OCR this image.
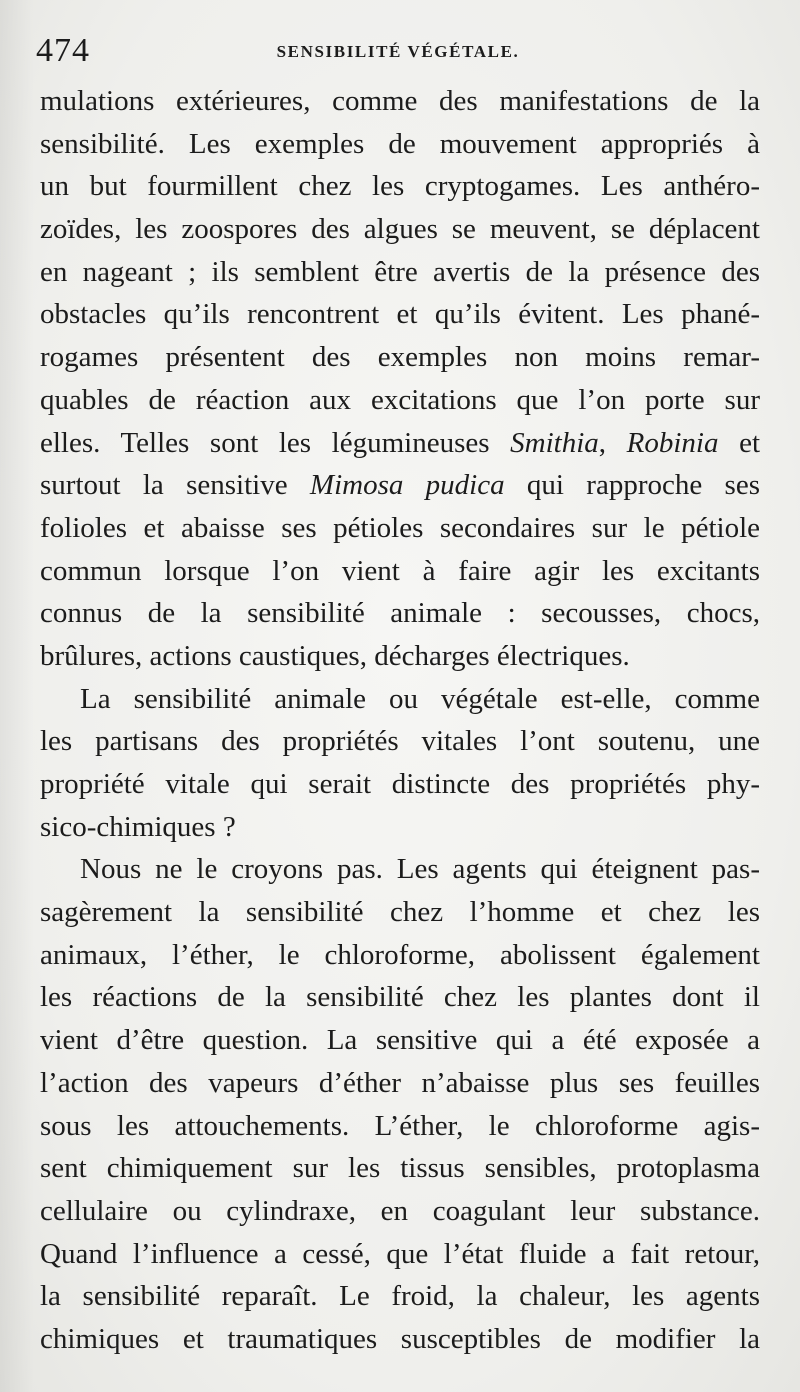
474	SENSIBILITÉ VÉGÉTALE.
mulations extérieures, comme des manifestations de la
sensibilité. Les exemples de mouvement appropriés à
un but fourmillent chez les cryptogames. Les anthéro-
zoïdes, les zoospores des algues se meuvent, se déplacent
en nageant ; ils semblent être avertis de la présence des
obstacles qu’ils rencontrent et qu’ils évitent. Les phané-
rogames présentent des exemples non moins remar-
quables de réaction aux excitations que l’on porte sur
elles. Telles sont les légumineuses Smithia, Robinia et
surtout la sensitive Mimosa pudica qui rapproche ses
folioles et abaisse ses pétioles secondaires sur le pétiole
commun lorsque l’on vient à faire agir les excitants
connus de la sensibilité animale : secousses, chocs,
brûlures, actions caustiques, décharges électriques.
La sensibilité animale ou végétale est-elle, comme
les partisans des propriétés vitales l’ont soutenu, une
propriété vitale qui serait distincte des propriétés phy-
sico-chimiques ?
Nous ne le croyons pas. Les agents qui éteignent pas-
sagèrement la sensibilité chez l’homme et chez les
animaux, l’éther, le chloroforme, abolissent également
les réactions de la sensibilité chez les plantes dont il
vient d’être question. La sensitive qui a été exposée a
l’action des vapeurs d’éther n’abaisse plus ses feuilles
sous les attouchements. L’éther, le chloroforme agis-
sent chimiquement sur les tissus sensibles, protoplasma
cellulaire ou cylindraxe, en coagulant leur substance.
Quand l’influence a cessé, que l’état fluide a fait retour,
la sensibilité reparaît. Le froid, la chaleur, les agents
chimiques et traumatiques susceptibles de modifier la
